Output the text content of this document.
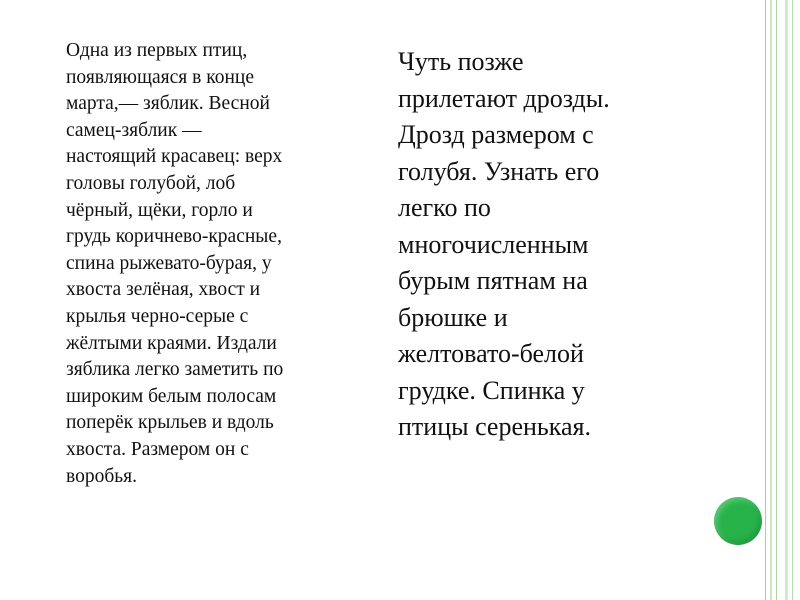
Одна из первых птиц,
появляющаяся в конце
марта,— зяблик. Весной
самец-зяблик —
настоящий красавец: верх
головы голубой, лоб
чёрный, щёки, горло и
грудь коричнево-красные,
спина рыжевато-бурая, у
хвоста зелёная, хвост и
крылья черно-серые с
жёлтыми краями. Издали
зяблика легко заметить по
широким белым полосам
поперёк крыльев и вдоль
хвоста. Размером он с
воробья.

Чуть позже
прилетают дрозды.
Дрозд размером с
голубя. Узнать его
легко по
многочисленным
бурым пятнам на
брюшке и
желтовато-белой
грудке. Спинка у
птицы серенькая.
